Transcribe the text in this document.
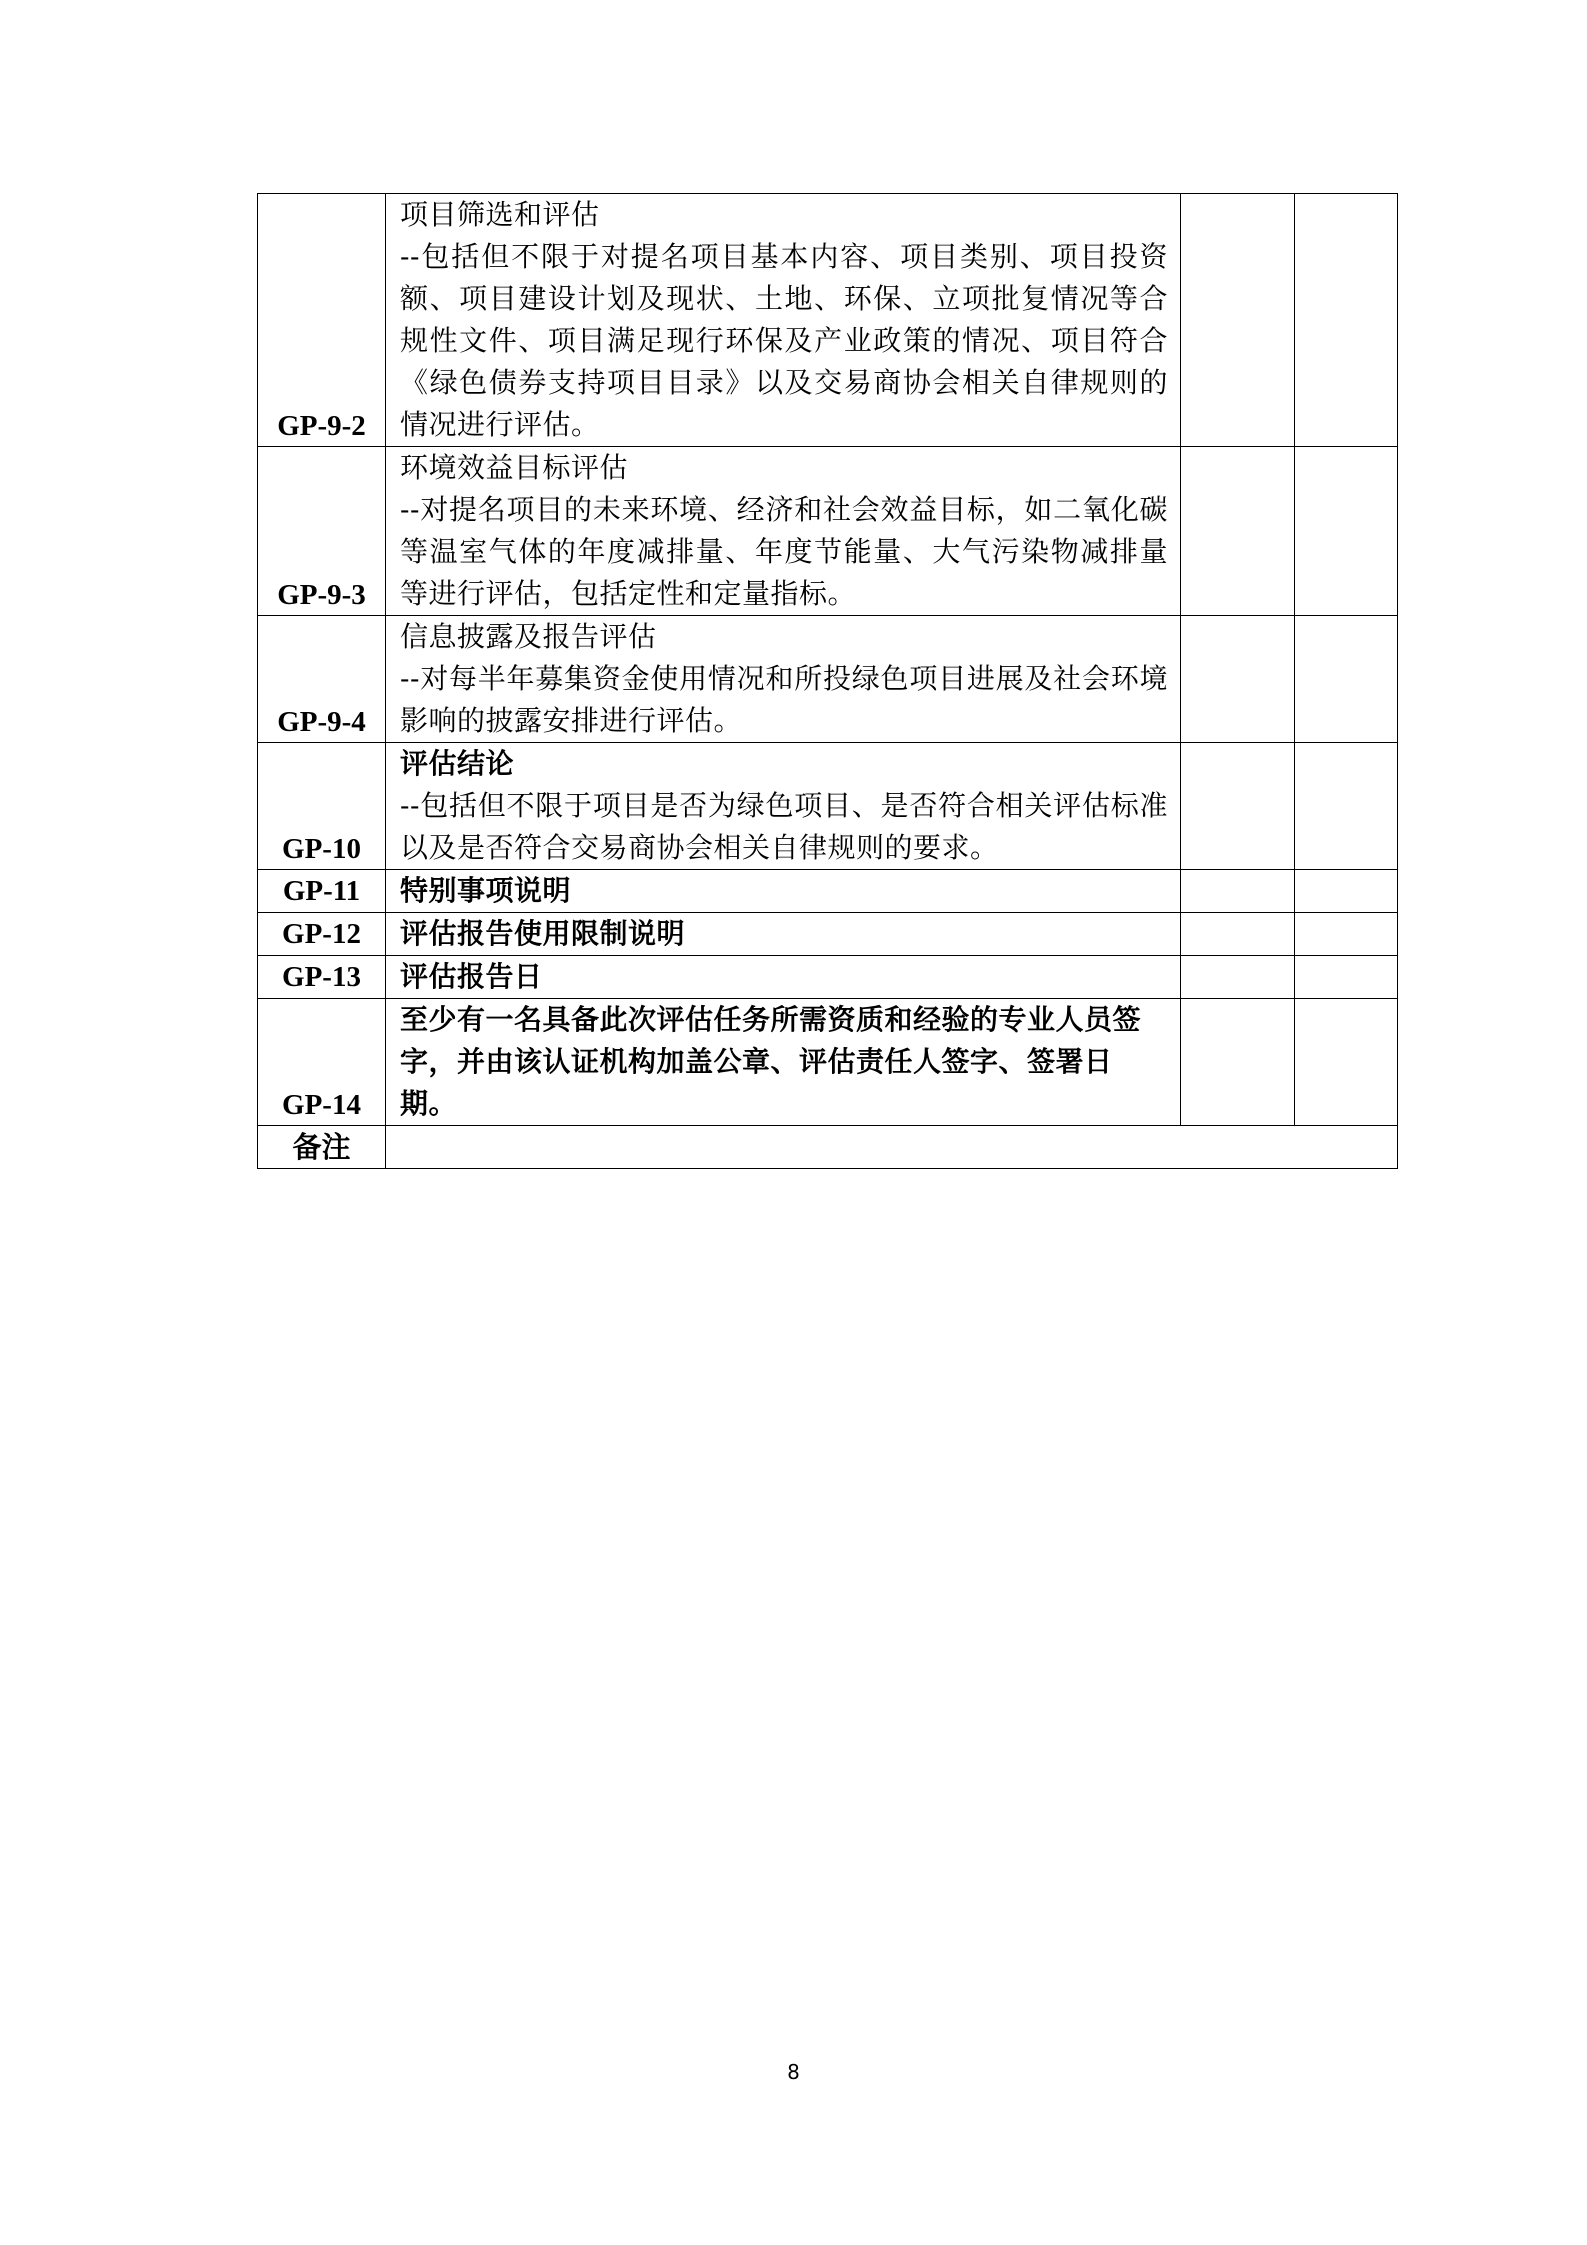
GP-9-2	项目筛选和评估
--包括但不限于对提名项目基本内容、项目类别、项目投资额、项目建设计划及现状、土地、环保、立项批复情况等合规性文件、项目满足现行环保及产业政策的情况、项目符合《绿色债券支持项目目录》以及交易商协会相关自律规则的情况进行评估。		

GP-9-3	环境效益目标评估
--对提名项目的未来环境、经济和社会效益目标，如二氧化碳等温室气体的年度减排量、年度节能量、大气污染物减排量等进行评估，包括定性和定量指标。		

GP-9-4	信息披露及报告评估
--对每半年募集资金使用情况和所投绿色项目进展及社会环境影响的披露安排进行评估。		

GP-10	评估结论
--包括但不限于项目是否为绿色项目、是否符合相关评估标准以及是否符合交易商协会相关自律规则的要求。		

GP-11	特别事项说明		

GP-12	评估报告使用限制说明		

GP-13	评估报告日		

GP-14	至少有一名具备此次评估任务所需资质和经验的专业人员签字，并由该认证机构加盖公章、评估责任人签字、签署日期。		

备注			
8
